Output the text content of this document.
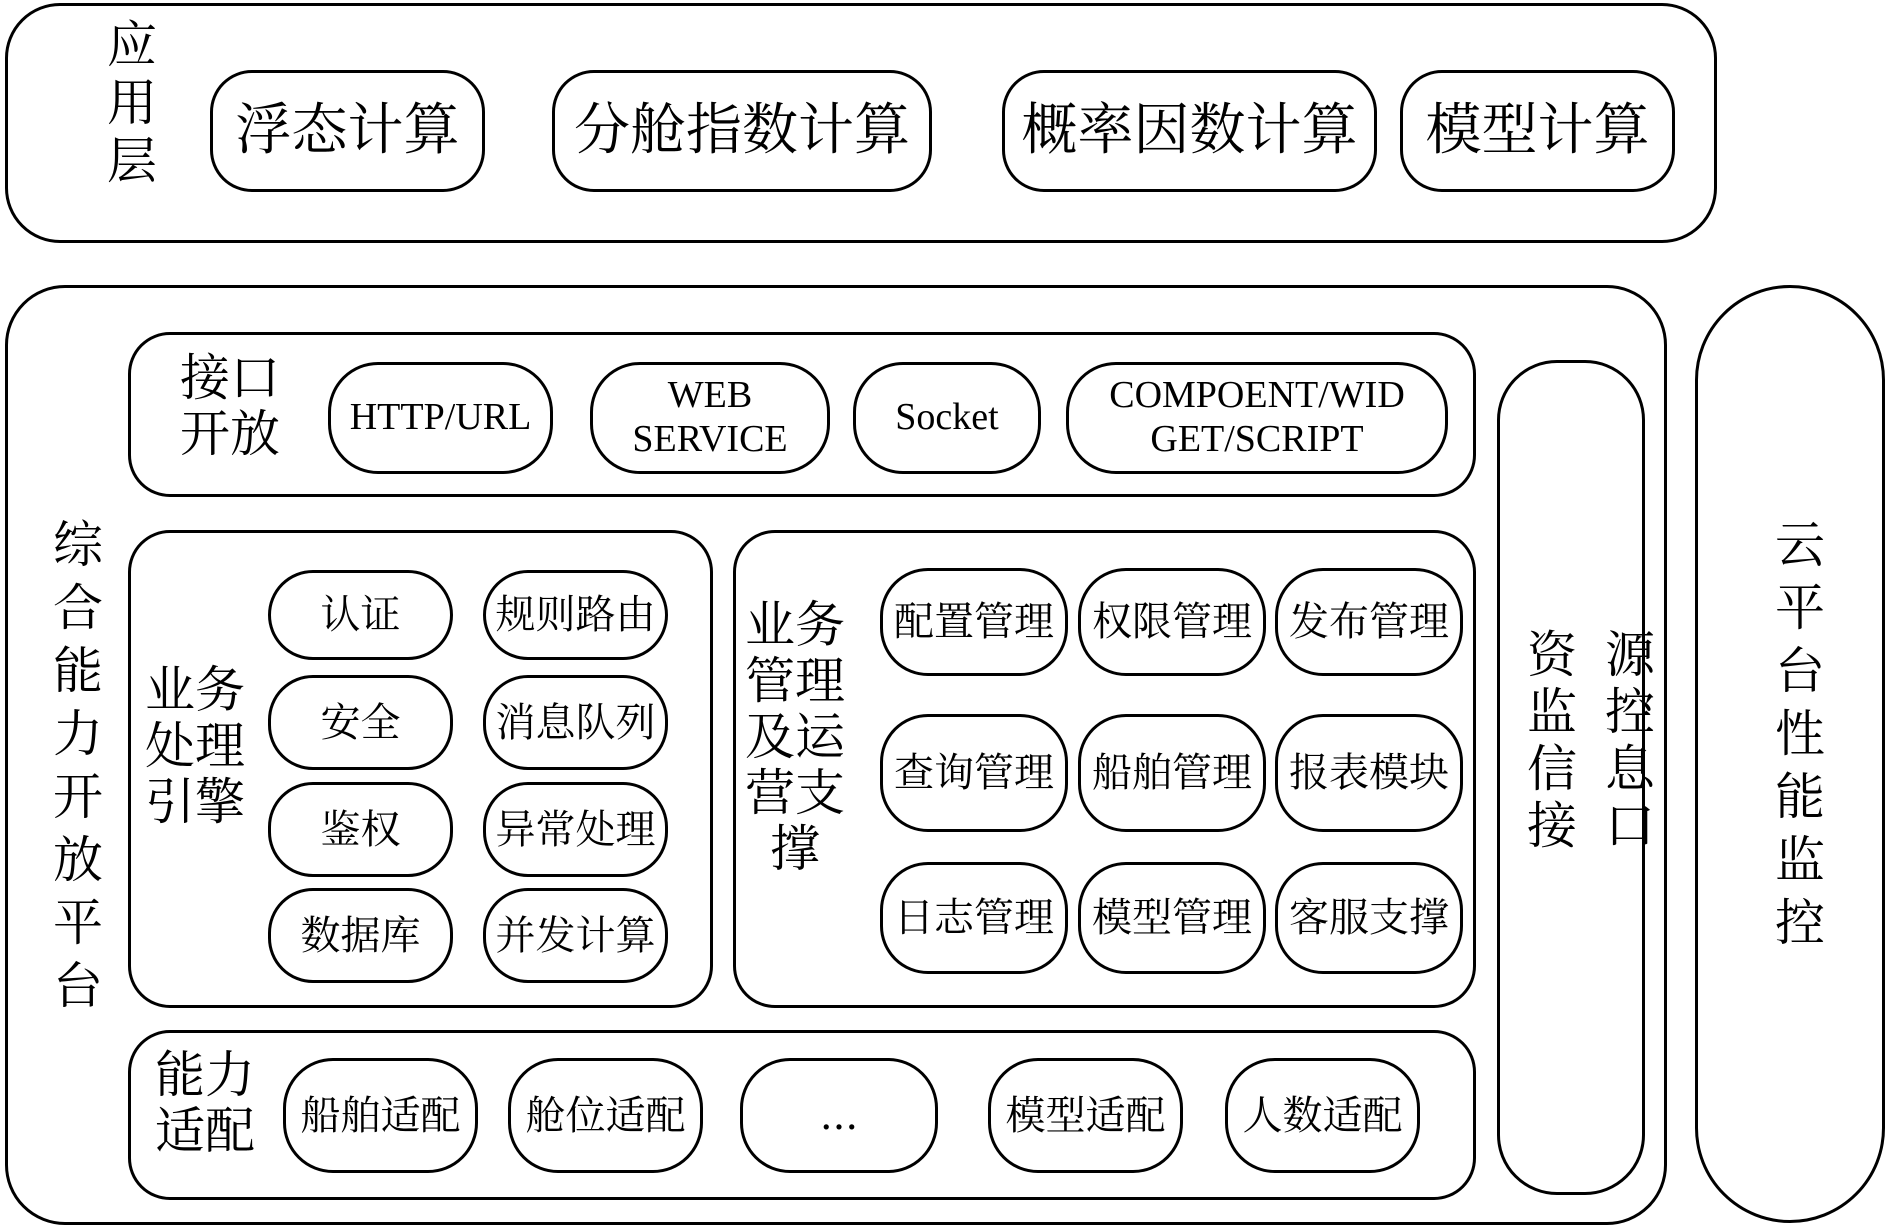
应用层 浮态计算 分舱指数计算 概率因数计算 模型计算
综合能力开放平台
接口
开放 HTTP/URL
WEB
SERVICE
Socket
COMPOENT/WID
GET/SCRIPT
业务
处理
引擎
认证
安全
鉴权
数据库
规则路由
消息队列
异常处理
并发计算
业务
管理
及运
营支
撑
配置管理 权限管理 发布管理
查询管理 船舶管理 报表模块
日志管理 模型管理 客服支撑
能力
适配 船舶适配 舱位适配	...	模型适配 人数适配
资监信接 源控息口 云平台性能监控
